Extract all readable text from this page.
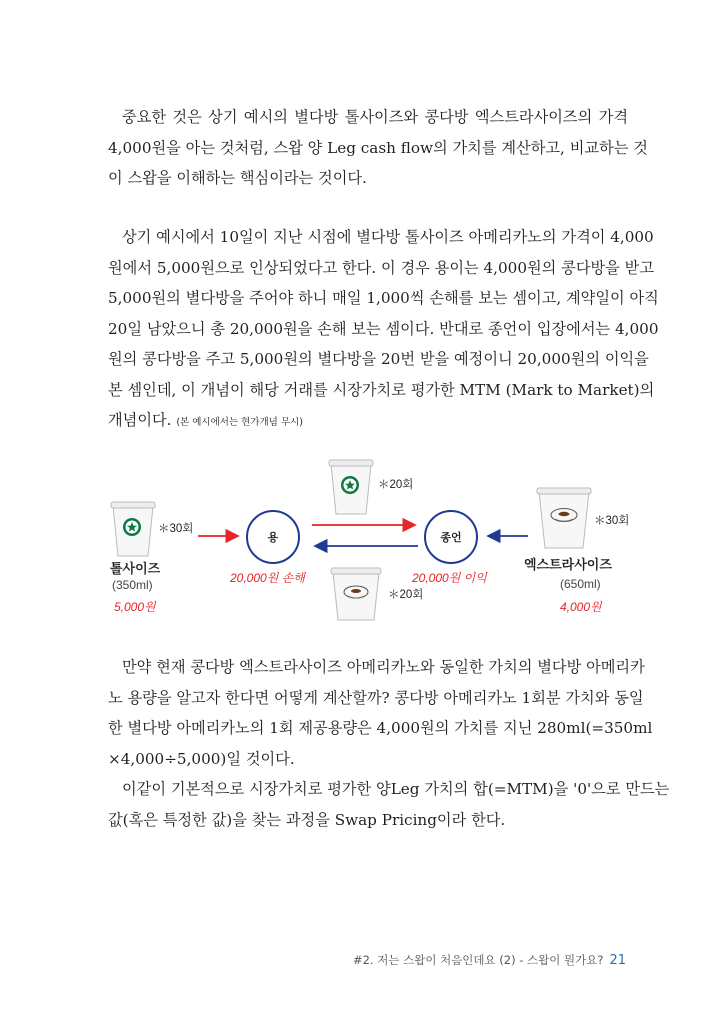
중요한 것은 상기 예시의 별다방 톨사이즈와 콩다방 엑스트라사이즈의 가격
4,000원을 아는 것처럼, 스왑 양 Leg cash flow의 가치를 계산하고, 비교하는 것
이 스왑을 이해하는 핵심이라는 것이다.
상기 예시에서 10일이 지난 시점에 별다방 톨사이즈 아메리카노의 가격이 4,000
원에서 5,000원으로 인상되었다고 한다. 이 경우 용이는 4,000원의 콩다방을 받고
5,000원의 별다방을 주어야 하니 매일 1,000씩 손해를 보는 셈이고, 계약일이 아직
20일 남았으니 총 20,000원을 손해 보는 셈이다. 반대로 종언이 입장에서는 4,000
원의 콩다방을 주고 5,000원의 별다방을 20번 받을 예정이니 20,000원의 이익을
본 셈인데, 이 개념이 해당 거래를 시장가치로 평가한 MTM (Mark to Market)의
개념이다. (본 예시에서는 현가개념 무시)
＊30회
톨사이즈
(350ml)
5,000원
＊20회
용	종언
20,000원 손해	20,000원 이익
＊20회
＊30회
엑스트라사이즈
(650ml)
4,000원
만약 현재 콩다방 엑스트라사이즈 아메리카노와 동일한 가치의 별다방 아메리카
노 용량을 알고자 한다면 어떻게 계산할까? 콩다방 아메리카노 1회분 가치와 동일
한 별다방 아메리카노의 1회 제공용량은 4,000원의 가치를 지닌 280ml(=350ml
×4,000÷5,000)일 것이다.
이같이 기본적으로 시장가치로 평가한 양Leg 가치의 합(=MTM)을 '0'으로 만드는
값(혹은 특정한 값)을 찾는 과정을 Swap Pricing이라 한다.
#2. 저는 스왑이 처음인데요 (2) - 스왑이 뭔가요? 21
